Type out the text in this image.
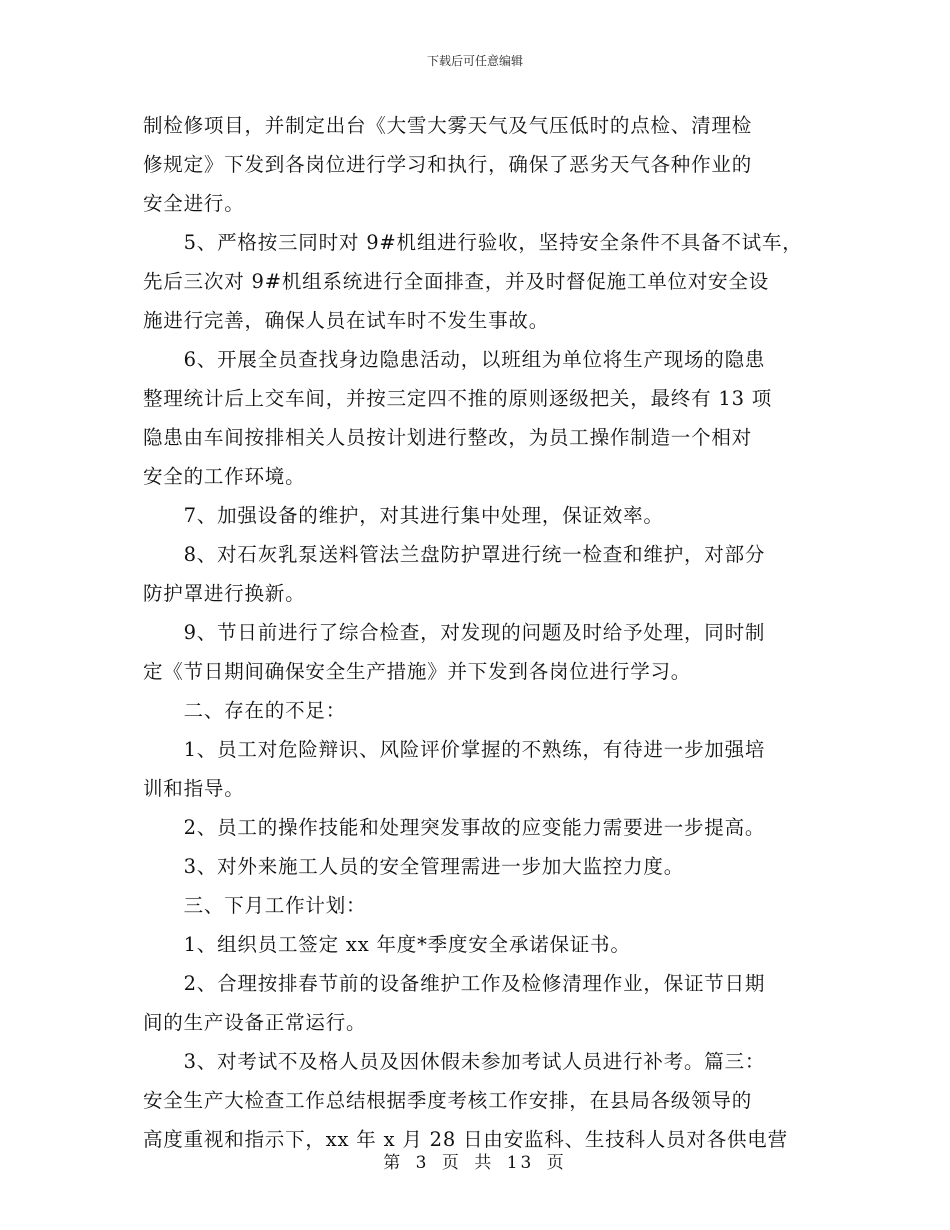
下载后可任意编辑
制检修项目，并制定出台《大雪大雾天气及气压低时的点检、清理检
修规定》下发到各岗位进行学习和执行，确保了恶劣天气各种作业的
安全进行。
　　5、严格按三同时对 9#机组进行验收，坚持安全条件不具备不试车，
先后三次对 9#机组系统进行全面排查，并及时督促施工单位对安全设
施进行完善，确保人员在试车时不发生事故。
　　6、开展全员查找身边隐患活动，以班组为单位将生产现场的隐患
整理统计后上交车间，并按三定四不推的原则逐级把关，最终有 13 项
隐患由车间按排相关人员按计划进行整改，为员工操作制造一个相对
安全的工作环境。
　　7、加强设备的维护，对其进行集中处理，保证效率。
　　8、对石灰乳泵送料管法兰盘防护罩进行统一检查和维护，对部分
防护罩进行换新。
　　9、节日前进行了综合检查，对发现的问题及时给予处理，同时制
定《节日期间确保安全生产措施》并下发到各岗位进行学习。
　　二、存在的不足：
　　1、员工对危险辩识、风险评价掌握的不熟练，有待进一步加强培
训和指导。
　　2、员工的操作技能和处理突发事故的应变能力需要进一步提高。
　　3、对外来施工人员的安全管理需进一步加大监控力度。
　　三、下月工作计划：
　　1、组织员工签定 xx 年度*季度安全承诺保证书。
　　2、合理按排春节前的设备维护工作及检修清理作业，保证节日期
间的生产设备正常运行。
　　3、对考试不及格人员及因休假未参加考试人员进行补考。篇三：
安全生产大检查工作总结根据季度考核工作安排，在县局各级领导的
高度重视和指示下，xx 年 x 月 28 日由安监科、生技科人员对各供电营
第 3 页 共 13 页
